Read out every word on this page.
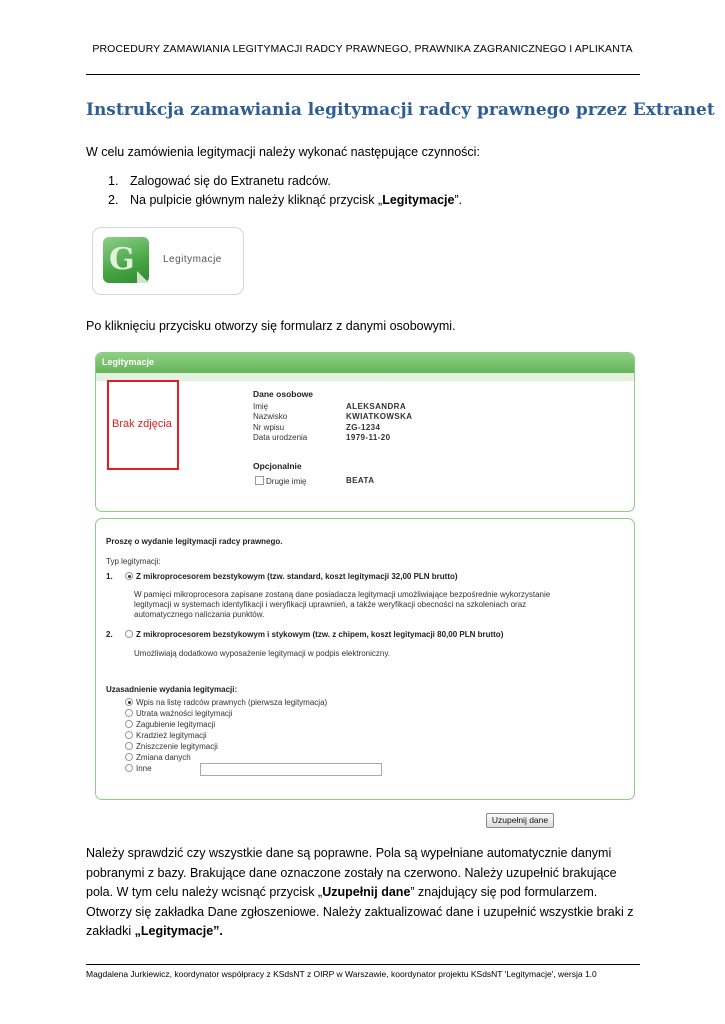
PROCEDURY ZAMAWIANIA LEGITYMACJI RADCY PRAWNEGO, PRAWNIKA ZAGRANICZNEGO I APLIKANTA
Instrukcja zamawiania legitymacji radcy prawnego przez Extranet
W celu zamówienia legitymacji należy wykonać następujące czynności:
1. Zalogować się do Extranetu radców.
2. Na pulpicie głównym należy kliknąć przycisk „Legitymacje”.
G	Legitymacje
Po kliknięciu przycisku otworzy się formularz z danymi osobowymi.
Legitymacje
Brak zdjęcia
Dane osobowe
Imię	ALEKSANDRA
Nazwisko	KWIATKOWSKA
Nr wpisu	ZG-1234
Data urodzenia	1979-11-20
Opcjonalnie
Drugie imię	BEATA
Proszę o wydanie legitymacji radcy prawnego.
Typ legitymacji:
1.	Z mikroprocesorem bezstykowym (tzw. standard, koszt legitymacji 32,00 PLN brutto)
W pamięci mikroprocesora zapisane zostaną dane posiadacza legitymacji umożliwiające bezpośrednie wykorzystanie
legitymacji w systemach identyfikacji i weryfikacji uprawnień, a także weryfikacji obecności na szkoleniach oraz
automatycznego naliczania punktów.
2.	Z mikroprocesorem bezstykowym i stykowym (tzw. z chipem, koszt legitymacji 80,00 PLN brutto)
Umożliwiają dodatkowo wyposażenie legitymacji w podpis elektroniczny.
Uzasadnienie wydania legitymacji:
Wpis na listę radców prawnych (pierwsza legitymacja)
Utrata ważności legitymacji
Zagubienie legitymacji
Kradzież legitymacji
Zniszczenie legitymacji
Zmiana danych
Inne
Uzupełnij dane
Należy sprawdzić czy wszystkie dane są poprawne. Pola są wypełniane automatycznie danymi pobranymi z bazy. Brakujące dane oznaczone zostały na czerwono. Należy uzupełnić brakujące pola. W tym celu należy wcisnąć przycisk „Uzupełnij dane” znajdujący się pod formularzem. Otworzy się zakładka Dane zgłoszeniowe. Należy zaktualizować dane i uzupełnić wszystkie braki z zakładki „Legitymacje”.
Magdalena Jurkiewicz, koordynator współpracy z KSdsNT z OIRP w Warszawie, koordynator projektu KSdsNT 'Legitymacje', wersja 1.0
